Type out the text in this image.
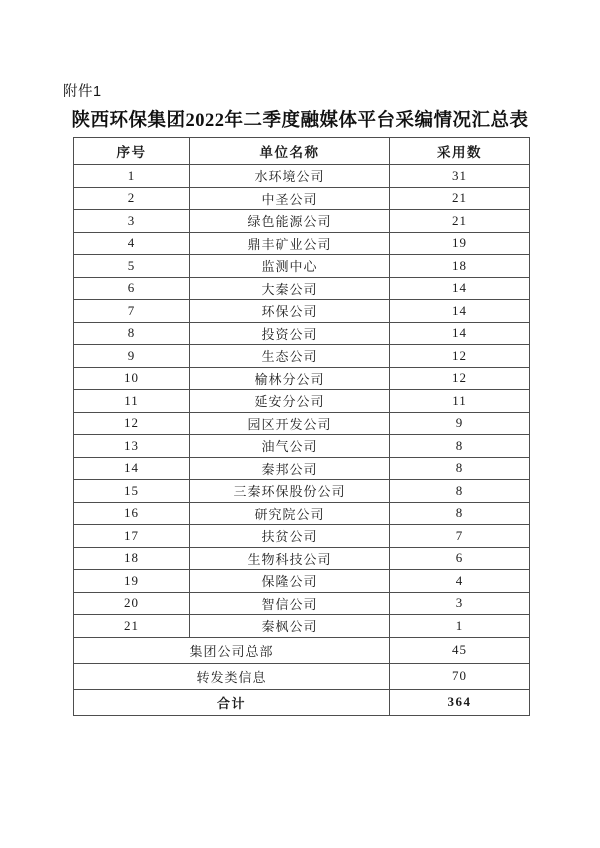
附件1
陕西环保集团2022年二季度融媒体平台采编情况汇总表
序号	单位名称	采用数
1	水环境公司	31
2	中圣公司	21
3	绿色能源公司	21
4	鼎丰矿业公司	19
5	监测中心	18
6	大秦公司	14
7	环保公司	14
8	投资公司	14
9	生态公司	12
10	榆林分公司	12
11	延安分公司	11
12	园区开发公司	9
13	油气公司	8
14	秦邦公司	8
15	三秦环保股份公司	8
16	研究院公司	8
17	扶贫公司	7
18	生物科技公司	6
19	保隆公司	4
20	智信公司	3
21	秦枫公司	1
集团公司总部		45
转发类信息		70
合计		364
